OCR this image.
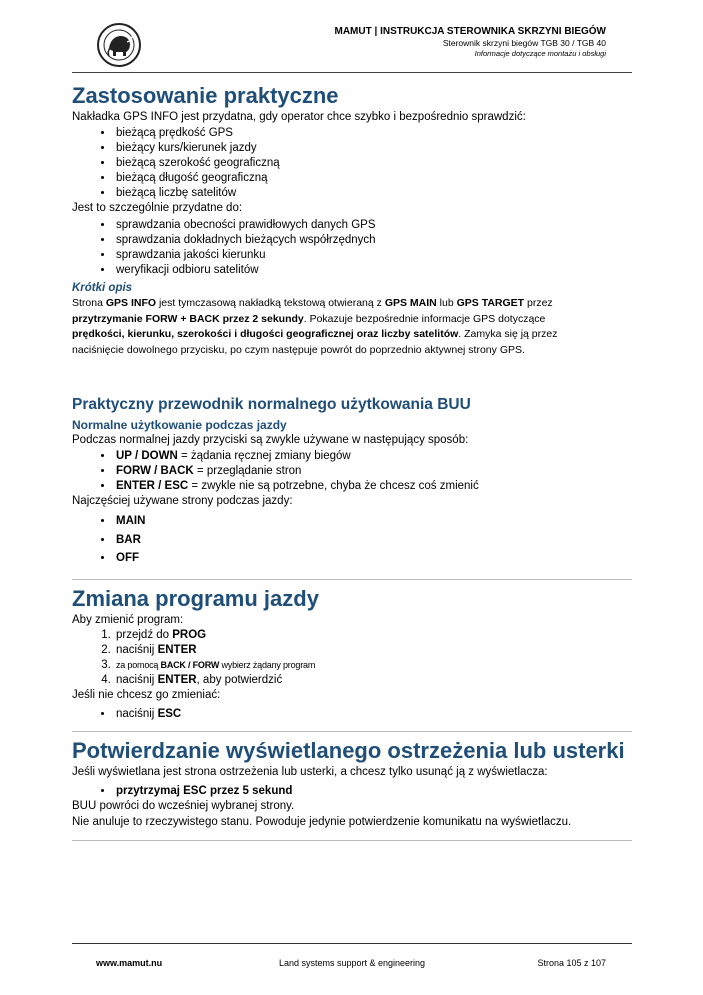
MAMUT | INSTRUKCJA STEROWNIKA SKRZYNI BIEGÓW
Sterownik skrzyni biegów TGB 30 / TGB 40
Informacje dotyczące montażu i obsługi
Zastosowanie praktyczne

Nakładka GPS INFO jest przydatna, gdy operator chce szybko i bezpośrednio sprawdzić:

• bieżącą prędkość GPS
• bieżący kurs/kierunek jazdy
• bieżącą szerokość geograficzną
• bieżącą długość geograficzną
• bieżącą liczbę satelitów

Jest to szczególnie przydatne do:

• sprawdzania obecności prawidłowych danych GPS
• sprawdzania dokładnych bieżących współrzędnych
• sprawdzania jakości kierunku
• weryfikacji odbioru satelitów
Krótki opis

Strona GPS INFO jest tymczasową nakładką tekstową otwieraną z GPS MAIN lub GPS TARGET przez
przytrzymanie FORW + BACK przez 2 sekundy. Pokazuje bezpośrednie informacje GPS dotyczące
prędkości, kierunku, szerokości i długości geograficznej oraz liczby satelitów. Zamyka się ją przez
naciśnięcie dowolnego przycisku, po czym następuje powrót do poprzednio aktywnej strony GPS.

Praktyczny przewodnik normalnego użytkowania BUU
Normalne użytkowanie podczas jazdy

Podczas normalnej jazdy przyciski są zwykle używane w następujący sposób:

• UP / DOWN = żądania ręcznej zmiany biegów
• FORW / BACK = przeglądanie stron
• ENTER / ESC = zwykle nie są potrzebne, chyba że chcesz coś zmienić

Najczęściej używane strony podczas jazdy:

• MAIN
• BAR
• OFF
Zmiana programu jazdy

Aby zmienić program:

1. przejdź do PROG
2. naciśnij ENTER
3. za pomocą BACK / FORW wybierz żądany program
4. naciśnij ENTER, aby potwierdzić

Jeśli nie chcesz go zmieniać:

• naciśnij ESC
Potwierdzanie wyświetlanego ostrzeżenia lub usterki

Jeśli wyświetlana jest strona ostrzeżenia lub usterki, a chcesz tylko usunąć ją z wyświetlacza:

• przytrzymaj ESC przez 5 sekund

BUU powróci do wcześniej wybranej strony.

Nie anuluje to rzeczywistego stanu. Powoduje jedynie potwierdzenie komunikatu na wyświetlaczu.

www.mamut.nu	Land systems support & engineering	Strona 105 z 107
